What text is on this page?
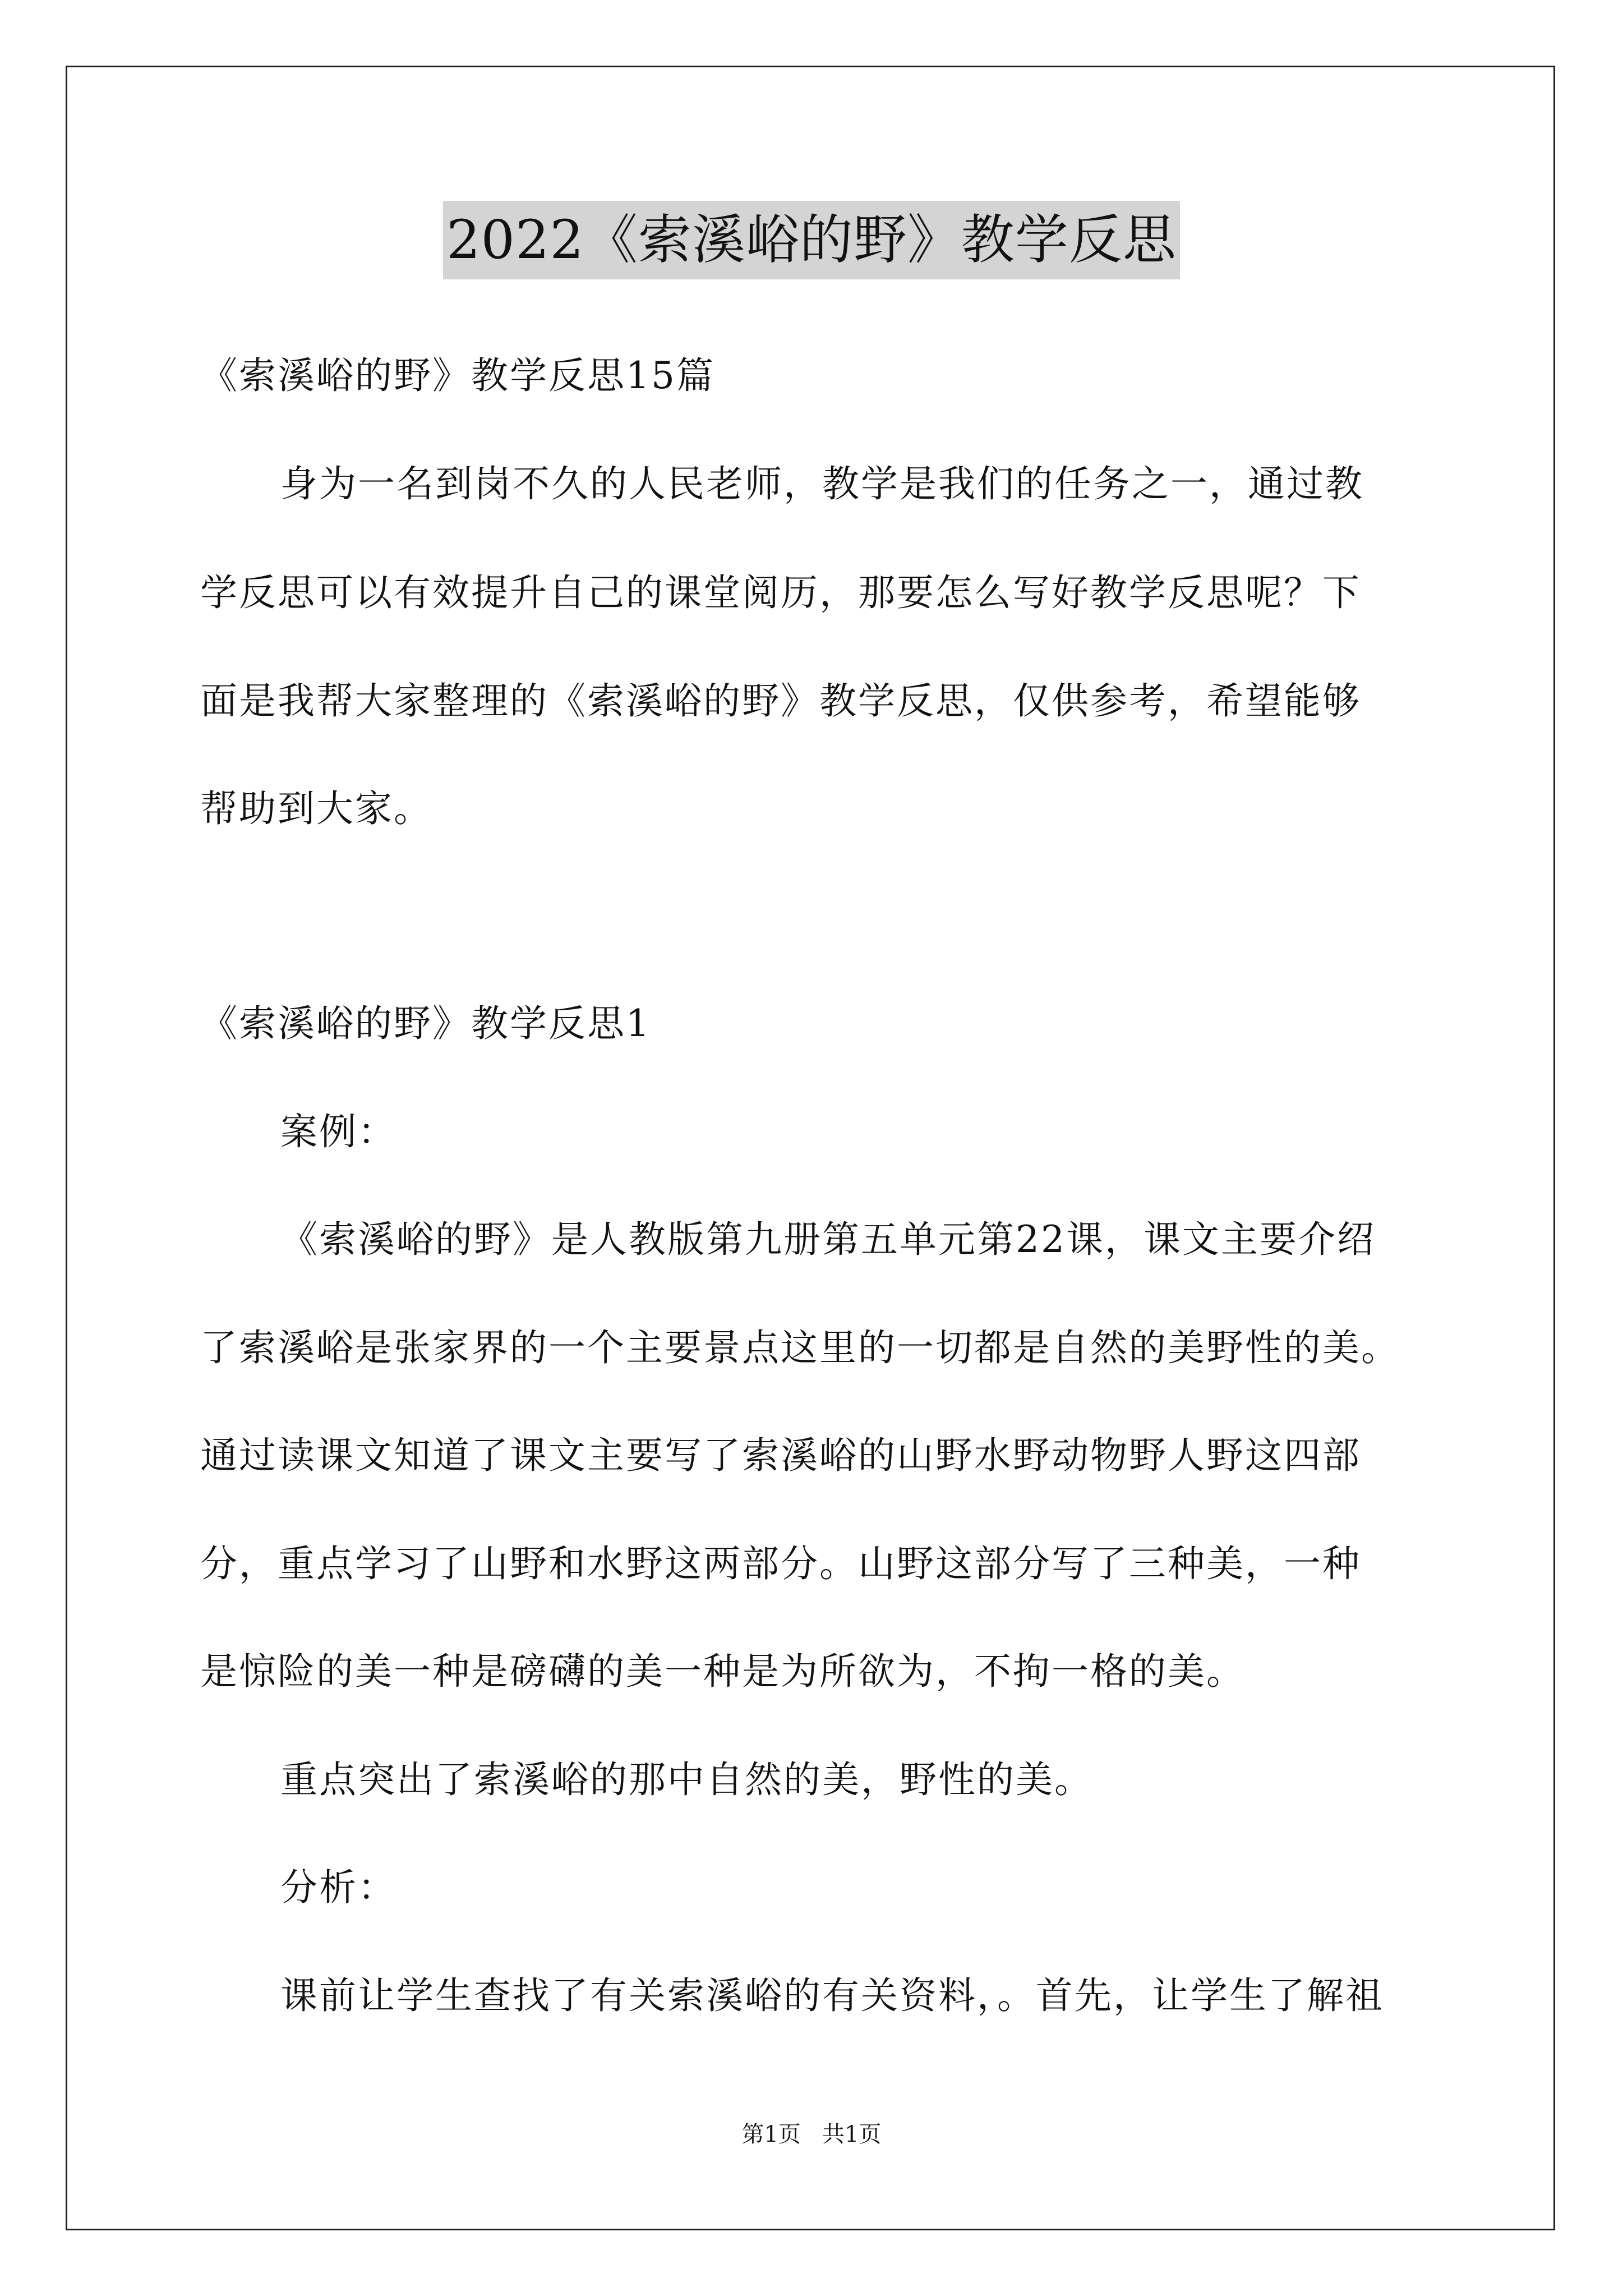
2022《索溪峪的野》教学反思
《索溪峪的野》教学反思15篇
身为一名到岗不久的人民老师，教学是我们的任务之一，通过教
学反思可以有效提升自己的课堂阅历，那要怎么写好教学反思呢？下
面是我帮大家整理的《索溪峪的野》教学反思，仅供参考，希望能够
帮助到大家。
《索溪峪的野》教学反思1
案例：
《索溪峪的野》是人教版第九册第五单元第22课，课文主要介绍
了索溪峪是张家界的一个主要景点这里的一切都是自然的美野性的美。
通过读课文知道了课文主要写了索溪峪的山野水野动物野人野这四部
分，重点学习了山野和水野这两部分。山野这部分写了三种美，一种
是惊险的美一种是磅礴的美一种是为所欲为，不拘一格的美。
重点突出了索溪峪的那中自然的美，野性的美。
分析：
课前让学生查找了有关索溪峪的有关资料，。首先，让学生了解祖
第1页   共1页
